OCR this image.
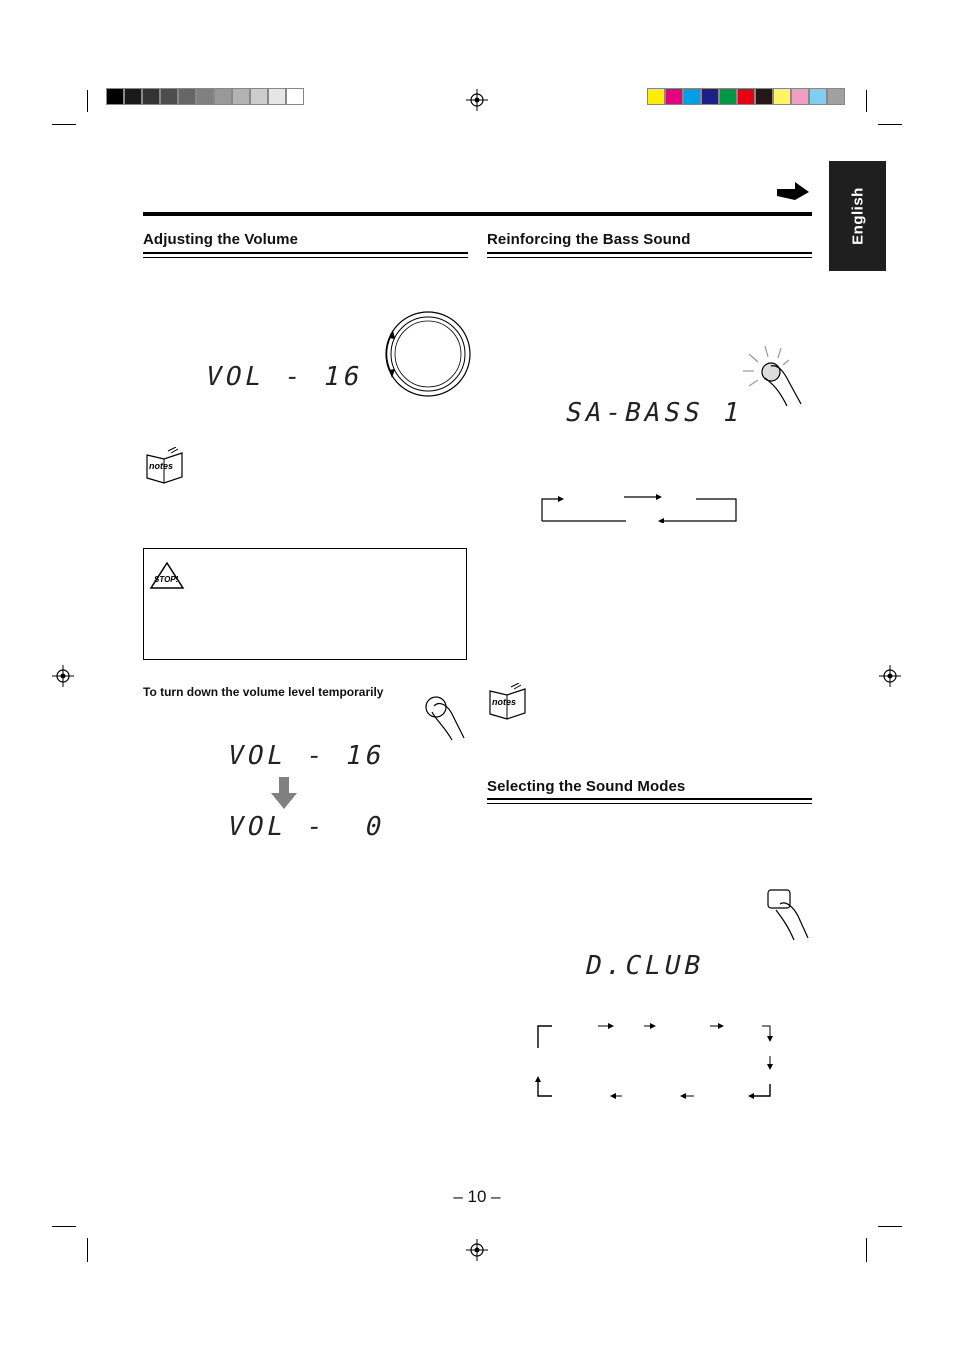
English
Adjusting the Volume
VOL - 16
notes
STOP!
To turn down the volume level temporarily
VOL - 16
VOL -  0
Reinforcing the Bass Sound
SA-BASS 1
notes
Selecting the Sound Modes
D.CLUB
– 10 –
